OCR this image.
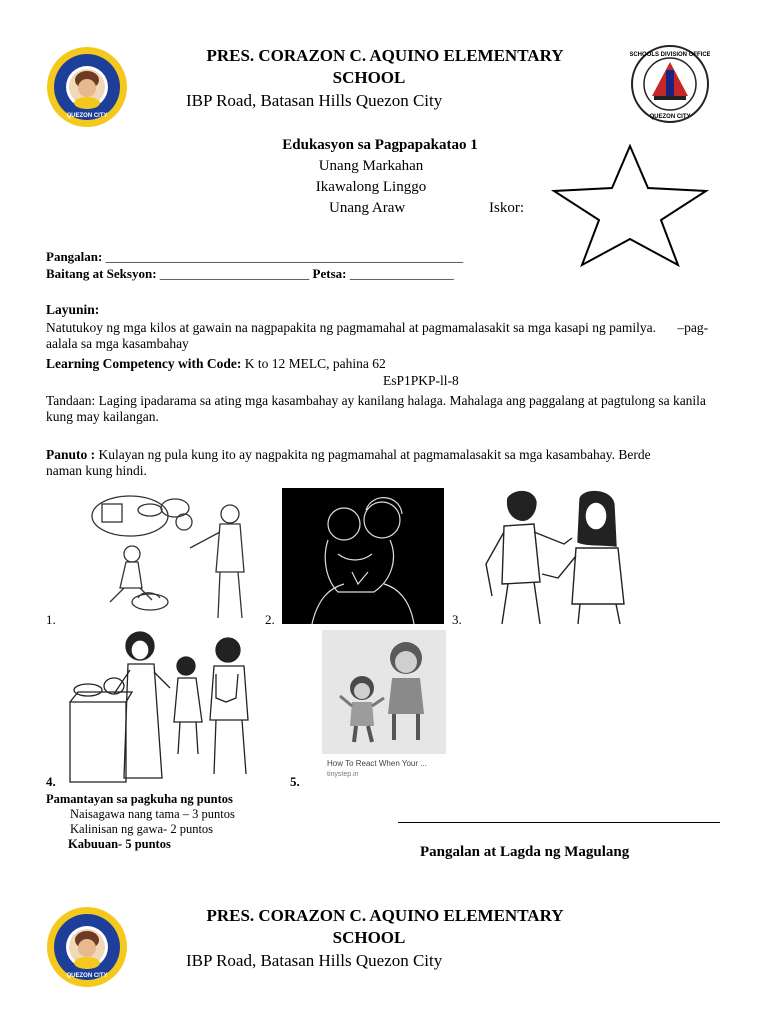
QUEZON CITY
PRES. CORAZON C. AQUINO ELEMENTARY
SCHOOL
IBP Road, Batasan Hills Quezon City
SCHOOLS DIVISION OFFICE
QUEZON CITY
Edukasyon sa Pagpapakatao 1
Unang Markahan
Ikawalong Linggo
Unang Araw	Iskor:
Pangalan: _______________________________________________________
Baitang at Seksyon: _______________________ Petsa: ________________
Layunin:
Natutukoy ng mga kilos at gawain na nagpapakita ng pagmamahal at pagmamalasakit sa mga kasapi ng pamilya. –pag-aalala sa mga kasambahay
Learning Competency with Code: K to 12 MELC, pahina 62
EsP1PKP-ll-8
Tandaan: Laging ipadarama sa ating mga kasambahay ay kanilang halaga. Mahalaga ang paggalang at pagtulong sa kanila kung may kailangan.
Panuto : Kulayan ng pula kung ito ay nagpakita ng pagmamahal at pagmamalasakit sa mga kasambahay. Berde naman kung hindi.
1.	2.	3.
4.	5.
How To React When Your ...
tinystep.in
Pamantayan sa pagkuha ng puntos
Naisagawa nang tama – 3 puntos
Kalinisan ng gawa- 2 puntos
Kabuuan- 5 puntos	Pangalan at Lagda ng Magulang
QUEZON CITY
PRES. CORAZON C. AQUINO ELEMENTARY
SCHOOL
IBP Road, Batasan Hills Quezon City
